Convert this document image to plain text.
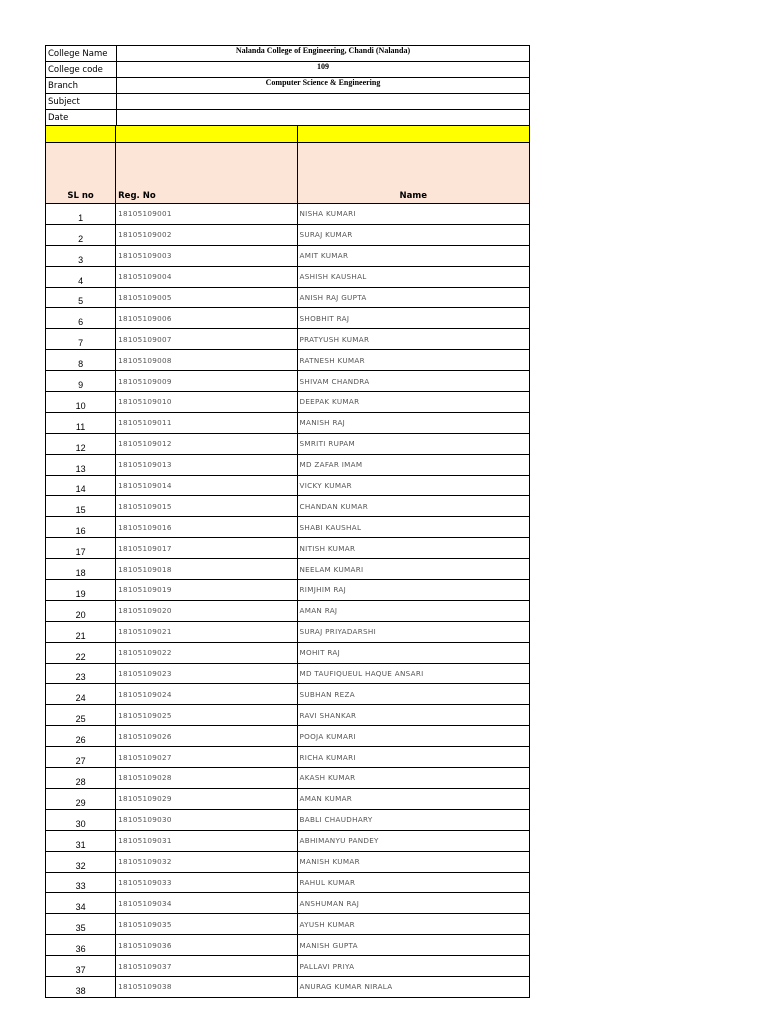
College Name	Nalanda College of Engineering, Chandi (Nalanda)
College code	109
Branch	Computer Science & Engineering
Subject	
Date	

SL no	Reg. No	Name
1	18105109001	NISHA KUMARI
2	18105109002	SURAJ KUMAR
3	18105109003	AMIT KUMAR
4	18105109004	ASHISH KAUSHAL
5	18105109005	ANISH RAJ GUPTA
6	18105109006	SHOBHIT RAJ
7	18105109007	PRATYUSH KUMAR
8	18105109008	RATNESH KUMAR
9	18105109009	SHIVAM CHANDRA
10	18105109010	DEEPAK KUMAR
11	18105109011	MANISH RAJ
12	18105109012	SMRITI RUPAM
13	18105109013	MD ZAFAR IMAM
14	18105109014	VICKY KUMAR
15	18105109015	CHANDAN KUMAR
16	18105109016	SHABI KAUSHAL
17	18105109017	NITISH KUMAR
18	18105109018	NEELAM KUMARI
19	18105109019	RIMJHIM RAJ
20	18105109020	AMAN RAJ
21	18105109021	SURAJ PRIYADARSHI
22	18105109022	MOHIT RAJ
23	18105109023	MD TAUFIQUEUL HAQUE ANSARI
24	18105109024	SUBHAN REZA
25	18105109025	RAVI SHANKAR
26	18105109026	POOJA KUMARI
27	18105109027	RICHA KUMARI
28	18105109028	AKASH KUMAR
29	18105109029	AMAN KUMAR
30	18105109030	BABLI CHAUDHARY
31	18105109031	ABHIMANYU PANDEY
32	18105109032	MANISH KUMAR
33	18105109033	RAHUL KUMAR
34	18105109034	ANSHUMAN RAJ
35	18105109035	AYUSH KUMAR
36	18105109036	MANISH GUPTA
37	18105109037	PALLAVI PRIYA
38	18105109038	ANURAG KUMAR NIRALA
